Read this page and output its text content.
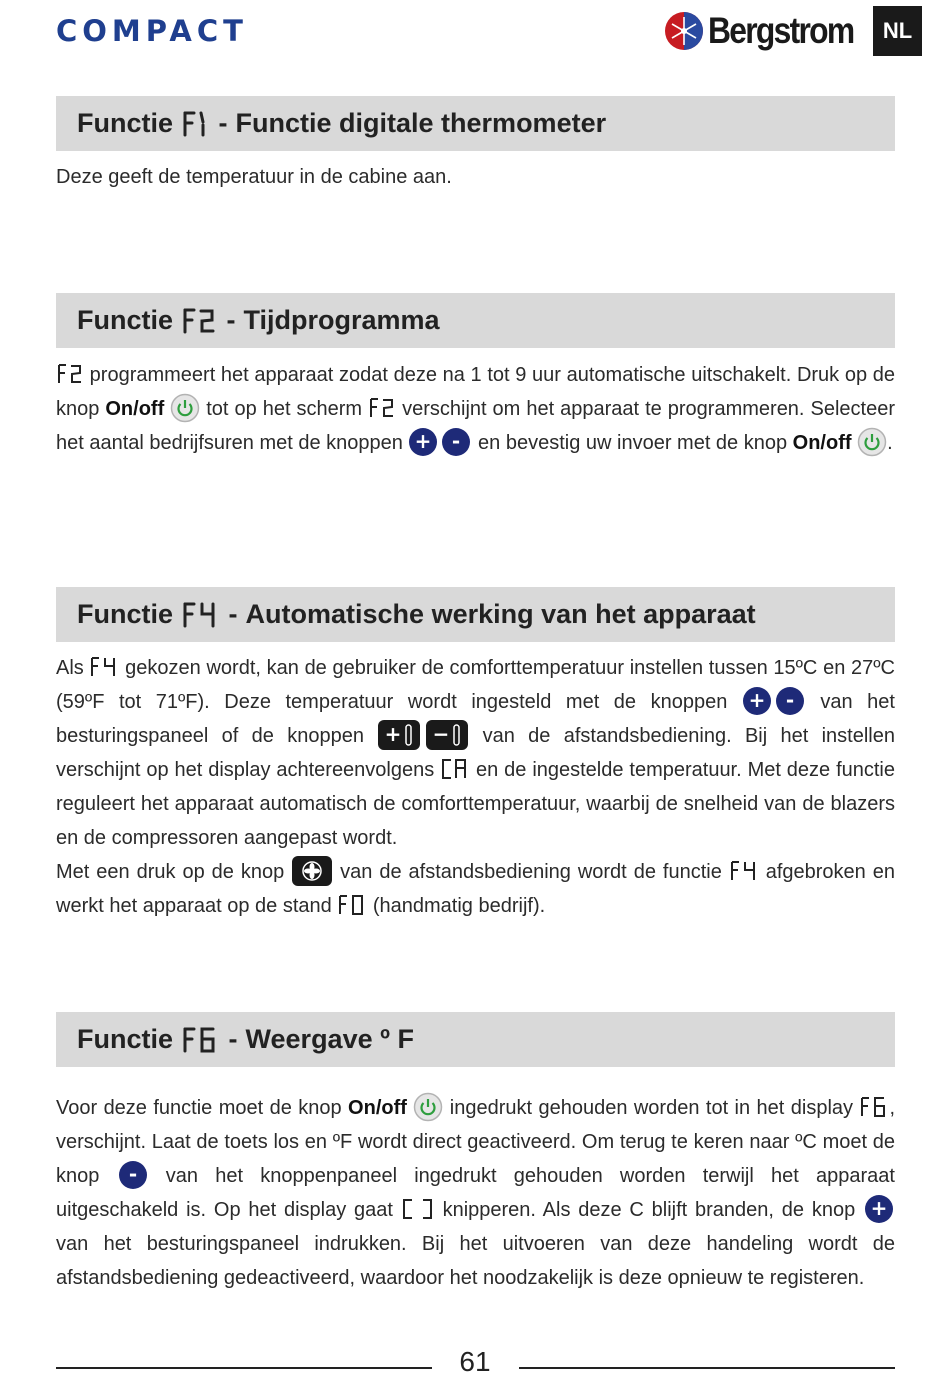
COMPACT	Bergstrom	NL
Functie
- Functie digitale thermometer
Deze geeft de temperatuur in de cabine aan.
Functie
- Tijdprogramma
programmeert het apparaat zodat deze na 1 tot 9 uur automatische uitschakelt. Druk op de knop On/off  tot op het scherm  verschijnt om het apparaat te programmeren. Selecteer het aantal bedrijfsuren met de knoppen + - en bevestig uw invoer met de knop On/off .
Functie
- Automatische werking van het apparaat
Als  gekozen wordt, kan de gebruiker de comforttemperatuur instellen tussen 15ºC en 27ºC (59ºF tot 71ºF). Deze temperatuur wordt ingesteld met de knoppen + - van het besturingspaneel of de knoppen + − van de afstandsbediening. Bij het instellen verschijnt op het display achtereenvolgens  en de ingestelde temperatuur. Met deze functie reguleert het apparaat automatisch de comforttemperatuur, waarbij de snelheid van de blazers en de compressoren aangepast wordt.
Met een druk op de knop  van de afstandsbediening wordt de functie  afgebroken en werkt het apparaat op de stand  (handmatig bedrijf).
Functie
- Weergave º F
Voor deze functie moet de knop On/off  ingedrukt gehouden worden tot in het display , verschijnt. Laat de toets los en ºF wordt direct geactiveerd. Om terug te keren naar ºC moet de knop - van het knoppenpaneel ingedrukt gehouden worden terwijl het apparaat uitgeschakeld is. Op het display gaat  knipperen. Als deze C blijft branden, de knop +
van het besturingspaneel indrukken. Bij het uitvoeren van deze handeling wordt de afstandsbediening gedeactiveerd, waardoor het noodzakelijk is deze opnieuw te registeren.
61
